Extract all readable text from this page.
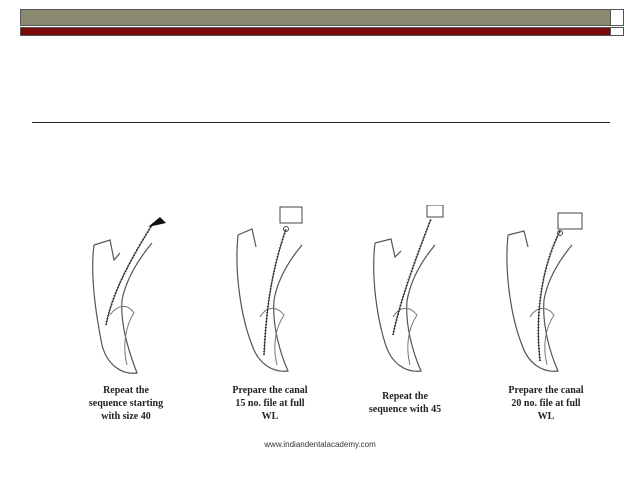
Repeat the
sequence starting
with size 40
Prepare the canal
15 no. file at full
WL
Repeat the
sequence with 45
Prepare the canal
20 no. file at full
WL
www.indiandentalacademy.com
